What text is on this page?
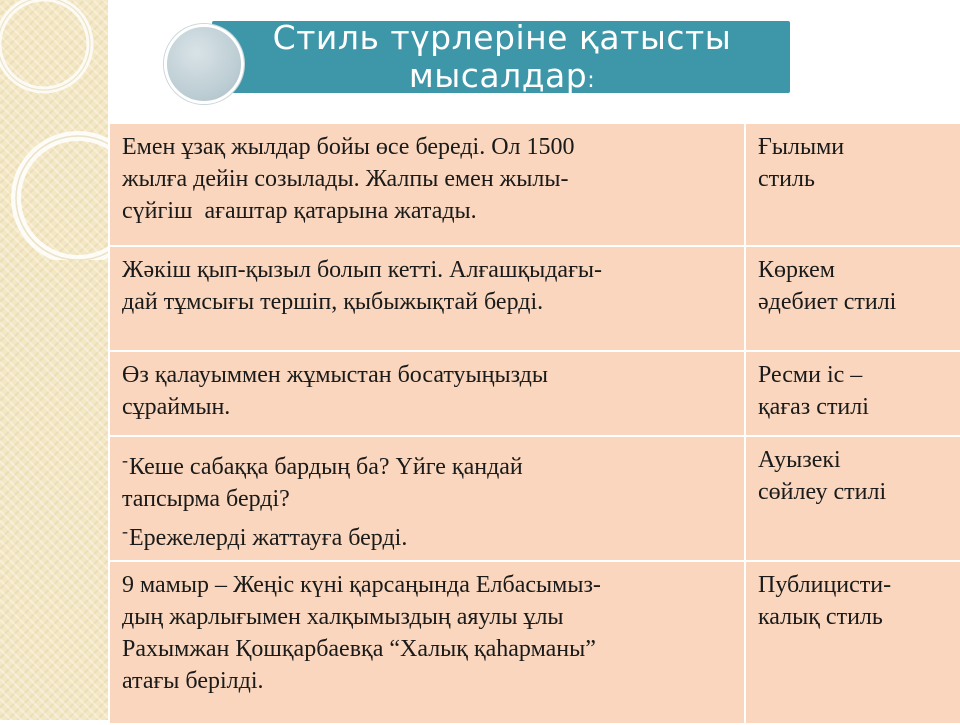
Стиль түрлеріне қатысты
мысалдар:
Емен ұзақ жылдар бойы өсе береді. Ол 1500
жылға дейін созылады. Жалпы емен жылы-
сүйгіш  ағаштар қатарына жатады.	Ғылыми
стиль

Жәкіш қып-қызыл болып кетті. Алғашқыдағы-
дай тұмсығы тершіп, қыбыжықтай берді.	Көркем
әдебиет стилі

Өз қалауыммен жұмыстан босатуыңызды
сұраймын.	Ресми іс –
қағаз стилі

-Кеше сабаққа бардың ба? Үйге қандай
тапсырма берді?
-Ережелерді жаттауға берді.	Ауызекі
сөйлеу стилі

9 мамыр – Жеңіс күні қарсаңында Елбасымыз-
дың жарлығымен халқымыздың аяулы ұлы
Рахымжан Қошқарбаевқа “Халық қаһарманы”
атағы берілді.	Публицисти-
калық стиль
